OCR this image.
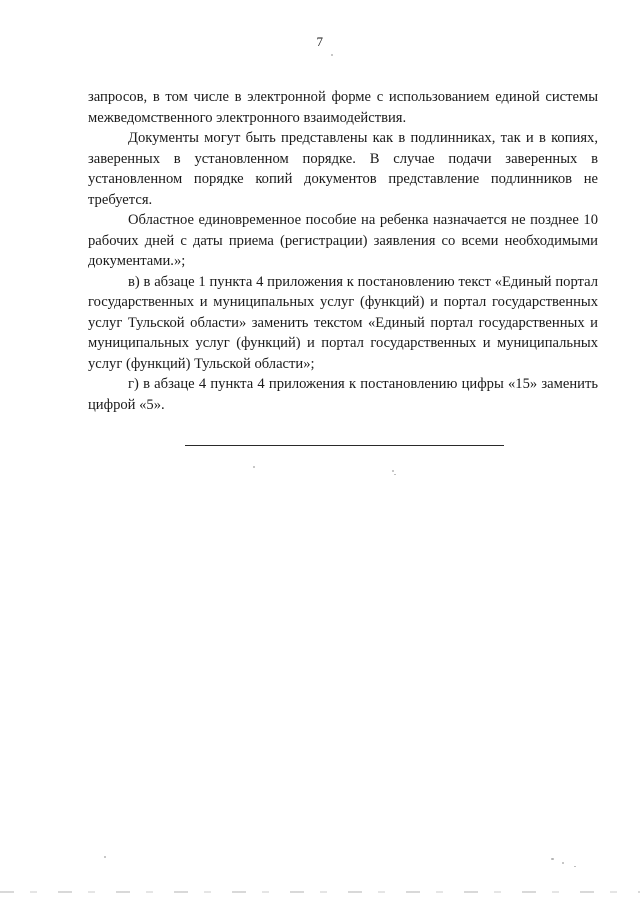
7

запросов, в том числе в электронной форме с использованием единой системы межведомственного электронного взаимодействия.

Документы могут быть представлены как в подлинниках, так и в копиях, заверенных в установленном порядке. В случае подачи заверенных в установленном порядке копий документов представление подлинников не требуется.

Областное единовременное пособие на ребенка назначается не позднее 10 рабочих дней с даты приема (регистрации) заявления со всеми необходимыми документами.»;

в) в абзаце 1 пункта 4 приложения к постановлению текст «Единый портал государственных и муниципальных услуг (функций) и портал государственных услуг Тульской области» заменить текстом «Единый портал государственных и муниципальных услуг (функций) и портал государственных и муниципальных услуг (функций) Тульской области»;

г) в абзаце 4 пункта 4 приложения к постановлению цифры «15» заменить цифрой «5».
